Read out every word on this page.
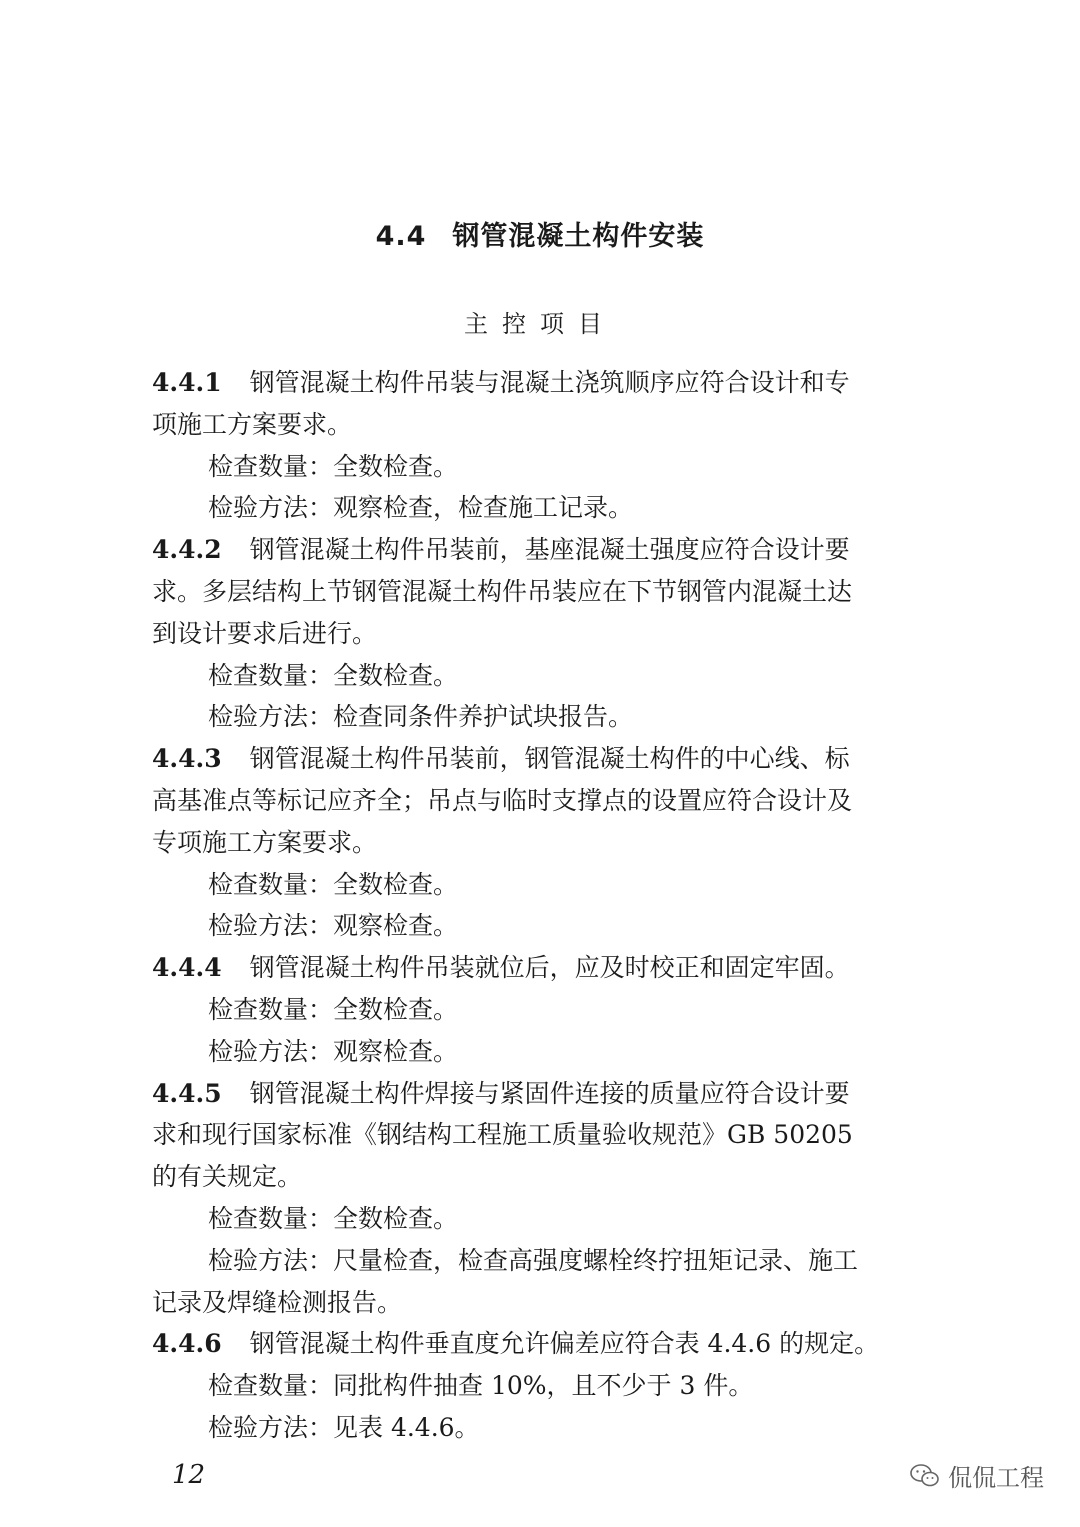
4.4 钢管混凝土构件安装
主控项目
4.4.1 钢管混凝土构件吊装与混凝土浇筑顺序应符合设计和专
项施工方案要求。
检查数量：全数检查。
检验方法：观察检查，检查施工记录。
4.4.2 钢管混凝土构件吊装前，基座混凝土强度应符合设计要
求。多层结构上节钢管混凝土构件吊装应在下节钢管内混凝土达
到设计要求后进行。
检查数量：全数检查。
检验方法：检查同条件养护试块报告。
4.4.3 钢管混凝土构件吊装前，钢管混凝土构件的中心线、标
高基准点等标记应齐全；吊点与临时支撑点的设置应符合设计及
专项施工方案要求。
检查数量：全数检查。
检验方法：观察检查。
4.4.4 钢管混凝土构件吊装就位后，应及时校正和固定牢固。
检查数量：全数检查。
检验方法：观察检查。
4.4.5 钢管混凝土构件焊接与紧固件连接的质量应符合设计要
求和现行国家标准《钢结构工程施工质量验收规范》GB 50205
的有关规定。
检查数量：全数检查。
检验方法：尺量检查，检查高强度螺栓终拧扭矩记录、施工
记录及焊缝检测报告。
4.4.6 钢管混凝土构件垂直度允许偏差应符合表 4.4.6 的规定。
检查数量：同批构件抽查 10%，且不少于 3 件。
检验方法：见表 4.4.6。
12	侃侃工程
